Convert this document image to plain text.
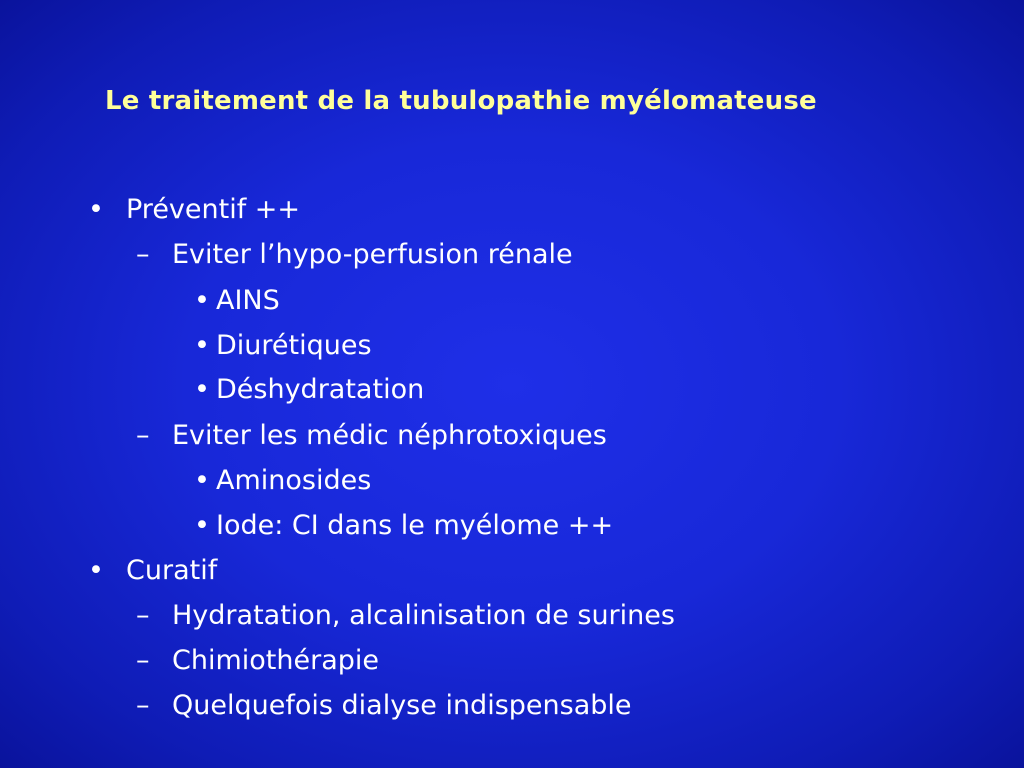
Le traitement de la tubulopathie myélomateuse
• Préventif ++
– Eviter l’hypo-perfusion rénale
• AINS
• Diurétiques
• Déshydratation
– Eviter les médic néphrotoxiques
• Aminosides
• Iode: CI dans le myélome ++
• Curatif
– Hydratation, alcalinisation de surines
– Chimiothérapie
– Quelquefois dialyse indispensable
